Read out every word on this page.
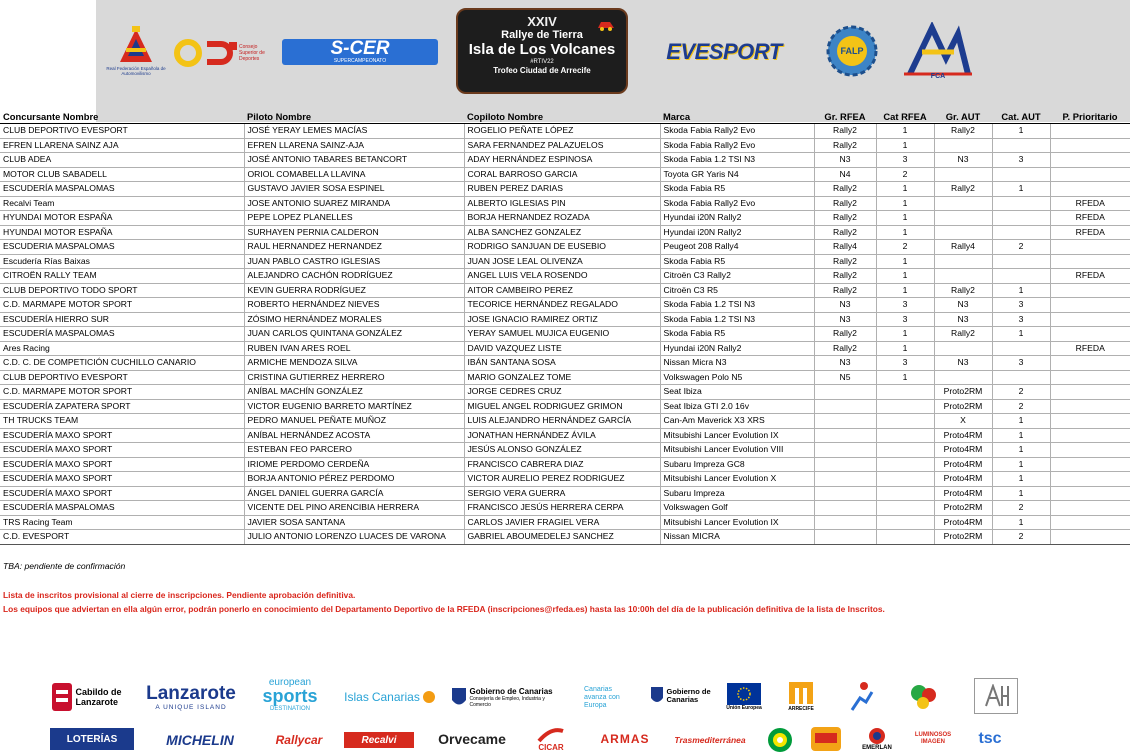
Real Federación Española de Automovilismo
Consejo Superior de Deportes	S-CER
SUPERCAMPEONATO
XXIV
Rallye de Tierra
Isla de Los Volcanes
#RTIV22
Trofeo Ciudad de Arrecife
EVESPORT	FALP
FCA
Concursante Nombre	Piloto Nombre	Copiloto Nombre	Marca	Gr. RFEA	Cat RFEA	Gr. AUT	Cat. AUT	P. Prioritario
CLUB DEPORTIVO EVESPORT	JOSÉ YERAY LEMES MACÍAS	ROGELIO PEÑATE LÓPEZ	Skoda Fabia Rally2 Evo	Rally2	1	Rally2	1	
EFREN LLARENA SAINZ AJA	EFREN LLARENA SAINZ-AJA	SARA FERNANDEZ PALAZUELOS	Skoda Fabia Rally2 Evo	Rally2	1			
CLUB ADEA	JOSÉ ANTONIO TABARES BETANCORT	ADAY HERNÁNDEZ ESPINOSA	Skoda Fabia 1.2 TSI N3	N3	3	N3	3	
MOTOR CLUB SABADELL	ORIOL COMABELLA LLAVINA	CORAL BARROSO GARCIA	Toyota GR Yaris N4	N4	2			
ESCUDERÍA MASPALOMAS	GUSTAVO JAVIER SOSA ESPINEL	RUBEN PEREZ DARIAS	Skoda Fabia R5	Rally2	1	Rally2	1	
Recalvi Team	JOSE ANTONIO SUAREZ MIRANDA	ALBERTO IGLESIAS PIN	Skoda Fabia Rally2 Evo	Rally2	1			RFEDA
HYUNDAI MOTOR ESPAÑA	PEPE LOPEZ PLANELLES	BORJA HERNANDEZ ROZADA	Hyundai i20N Rally2	Rally2	1			RFEDA
HYUNDAI MOTOR ESPAÑA	SURHAYEN PERNIA CALDERON	ALBA SANCHEZ GONZALEZ	Hyundai i20N Rally2	Rally2	1			RFEDA
ESCUDERIA MASPALOMAS	RAUL HERNANDEZ HERNANDEZ	RODRIGO SANJUAN DE EUSEBIO	Peugeot 208 Rally4	Rally4	2	Rally4	2	
Escudería Rías Baixas	JUAN PABLO CASTRO IGLESIAS	JUAN JOSE LEAL OLIVENZA	Skoda Fabia R5	Rally2	1			
CITROËN RALLY TEAM	ALEJANDRO CACHÓN RODRÍGUEZ	ANGEL LUIS VELA ROSENDO	Citroën C3 Rally2	Rally2	1			RFEDA
CLUB DEPORTIVO TODO SPORT	KEVIN GUERRA RODRÍGUEZ	AITOR CAMBEIRO PEREZ	Citroën C3 R5	Rally2	1	Rally2	1	
C.D. MARMAPE MOTOR SPORT	ROBERTO HERNÁNDEZ NIEVES	TECORICE HERNÁNDEZ REGALADO	Skoda Fabia 1.2 TSI N3	N3	3	N3	3	
ESCUDERÍA HIERRO SUR	ZÓSIMO HERNÁNDEZ MORALES	JOSE IGNACIO RAMIREZ ORTIZ	Skoda Fabia 1.2 TSI N3	N3	3	N3	3	
ESCUDERÍA MASPALOMAS	JUAN CARLOS QUINTANA GONZÁLEZ	YERAY SAMUEL MUJICA EUGENIO	Skoda Fabia R5	Rally2	1	Rally2	1	
Ares Racing	RUBEN IVAN ARES ROEL	DAVID VAZQUEZ LISTE	Hyundai i20N Rally2	Rally2	1			RFEDA
C.D. C. DE COMPETICIÓN CUCHILLO CANARIO	ARMICHE MENDOZA SILVA	IBÁN SANTANA SOSA	Nissan Micra N3	N3	3	N3	3	
CLUB DEPORTIVO EVESPORT	CRISTINA GUTIERREZ HERRERO	MARIO GONZALEZ TOME	Volkswagen Polo N5	N5	1			
C.D. MARMAPE MOTOR SPORT	ANÍBAL MACHÍN GONZÁLEZ	JORGE CEDRES CRUZ	Seat Ibiza			Proto2RM	2	
ESCUDERÍA ZAPATERA SPORT	VICTOR EUGENIO BARRETO MARTÍNEZ	MIGUEL ANGEL RODRIGUEZ GRIMON	Seat Ibiza GTI 2.0 16v			Proto2RM	2	
TH TRUCKS TEAM	PEDRO MANUEL PEÑATE MUÑOZ	LUIS ALEJANDRO HERNÁNDEZ GARCÍA	Can-Am Maverick X3 XRS			X	1	
ESCUDERÍA MAXO SPORT	ANÍBAL HERNÁNDEZ ACOSTA	JONATHAN HERNÁNDEZ ÁVILA	Mitsubishi Lancer Evolution IX			Proto4RM	1	
ESCUDERÍA MAXO SPORT	ESTEBAN FEO PARCERO	JESÚS ALONSO GONZÁLEZ	Mitsubishi Lancer Evolution VIII			Proto4RM	1	
ESCUDERÍA MAXO SPORT	IRIOME PERDOMO CERDEÑA	FRANCISCO CABRERA DIAZ	Subaru Impreza GC8			Proto4RM	1	
ESCUDERÍA MAXO SPORT	BORJA ANTONIO PÉREZ PERDOMO	VICTOR AURELIO PEREZ RODRIGUEZ	Mitsubishi Lancer Evolution X			Proto4RM	1	
ESCUDERÍA MAXO SPORT	ÁNGEL DANIEL GUERRA GARCÍA	SERGIO VERA GUERRA	Subaru Impreza			Proto4RM	1	
ESCUDERÍA MASPALOMAS	VICENTE DEL PINO ARENCIBIA HERRERA	FRANCISCO JESÚS HERRERA CERPA	Volkswagen Golf			Proto2RM	2	
TRS Racing Team	JAVIER SOSA SANTANA	CARLOS JAVIER FRAGIEL VERA	Mitsubishi Lancer Evolution IX			Proto4RM	1	
C.D. EVESPORT	JULIO ANTONIO LORENZO LUACES DE VARONA	GABRIEL ABOUMEDELEJ SANCHEZ	Nissan MICRA			Proto2RM	2	
TBA: pendiente de confirmación
Lista de inscritos provisional al cierre de inscripciones. Pendiente aprobación definitiva.
Los equipos que adviertan en ella algún error, podrán ponerlo en conocimiento del Departamento Deportivo de la RFEDA (inscripciones@rfeda.es) hasta las 10:00h del día de la publicación definitiva de la lista de Inscritos.
Cabildo de Lanzarote	Lanzarote
A UNIQUE ISLAND
european
sports
DESTINATION
Islas Canarias	Gobierno de Canarias
Consejería de Empleo, Industria y Comercio
Canarias avanza con Europa
Gobierno de Canarias
Unión Europea	ARRECIFE
LOTERÍAS	MICHELIN	Rallycar	Recalvi	Orvecame	CICAR
ARMAS	Trasmediterránea
EMERLAN
LUMINOSOS IMAGEN	tsc
